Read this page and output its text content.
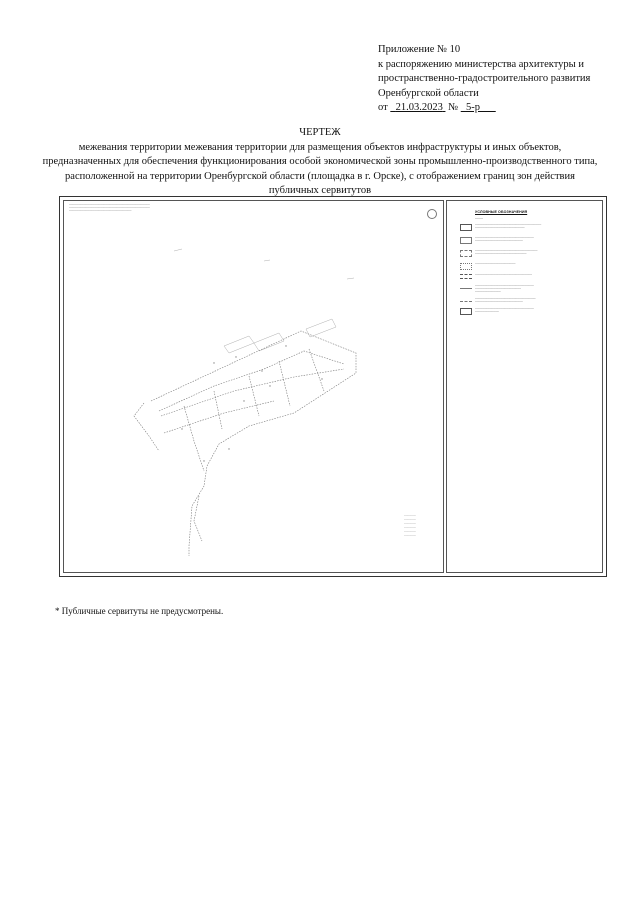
Приложение № 10
к распоряжению министерства архитектуры и
пространственно-градостроительного развития
Оренбургской области
от 21.03.2023 № 5-р
ЧЕРТЕЖ
межевания территории межевания территории для размещения объектов инфраструктуры и иных объектов, предназначенных для обеспечения функционирования особой экономической зоны промышленно-производственного типа, расположенной на территории Оренбургской области (площадка в г. Орске), с отображением границ зон действия публичных сервитутов
────────────────────────────────────────────
────────────────────────────────────────────
──────────────────────────────────
───────
───────
───────
───────
───────
───────
УСЛОВНЫЕ ОБОЗНАЧЕНИЯ
────
────────────────────────────────────
───────────────────────────
────────────────────────────────
──────────────────────────
──────────────────────────────────
────────────────────────────
──────────────────────
───────────────────────────────
────────────────────────────────
─────────────────────────
──────────────
─────────────────────────────────
──────────────────────────
────────────────────────────────
─────────────
* Публичные сервитуты не предусмотрены.
